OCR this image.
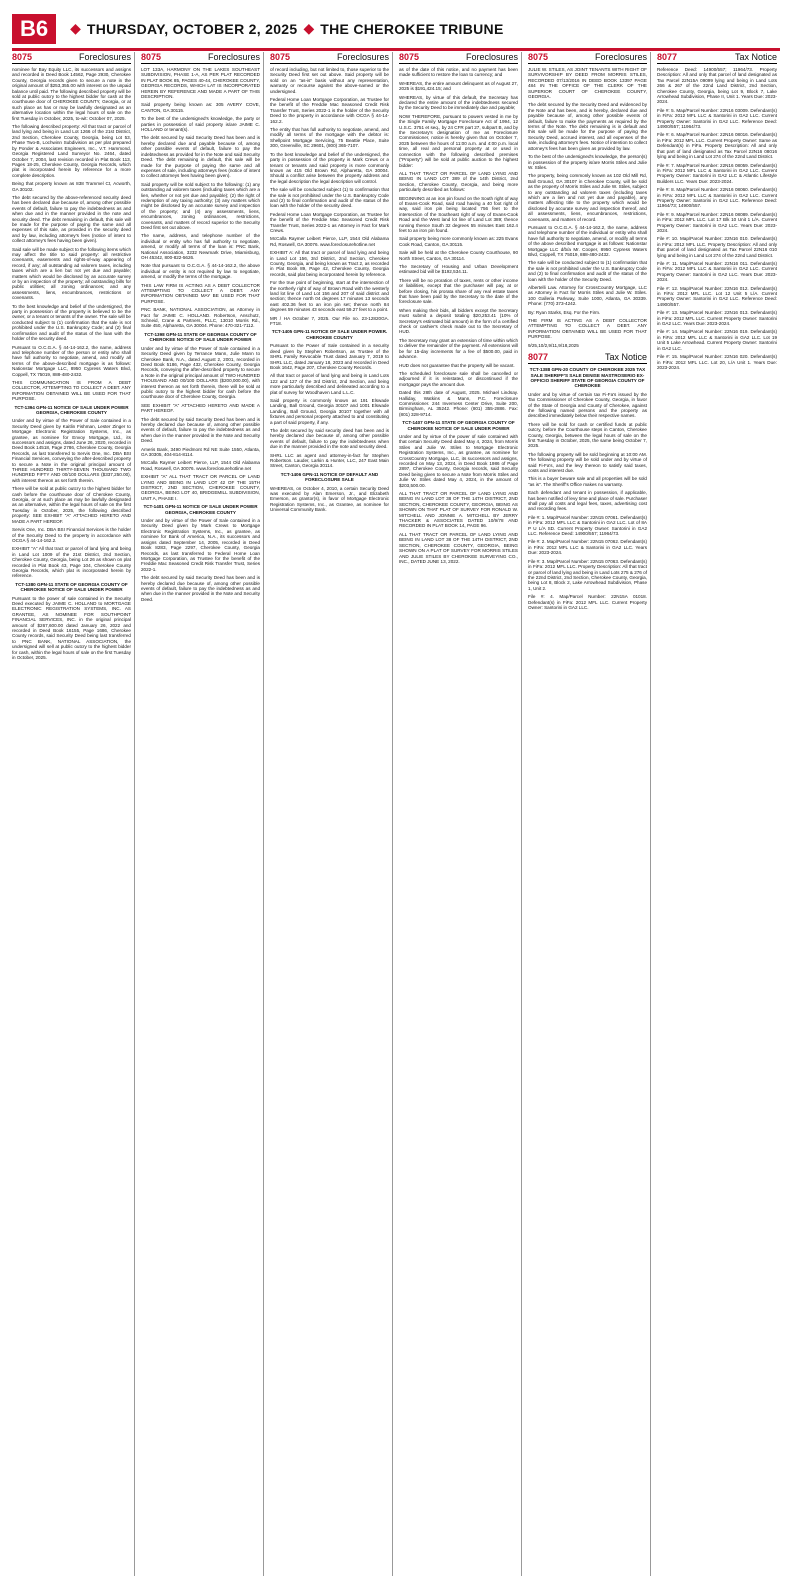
B6	◆ THURSDAY, OCTOBER 2, 2025 ◆ THE CHEROKEE TRIBUNE
8075	Foreclosures

nominee for Bay Equity LLC, its successors and assigns and recorded in Deed Book 14562, Page 2930, Cherokee County, Georgia records given to secure a note in the original amount of $253,355.00 with interest on the unpaid balance until paid. The following described property will be sold at public outcry to the highest bidder for cash at the courthouse door of CHEROKEE COUNTY, Georgia, or at such place as has or may be lawfully designated as an alternative location within the legal hours of sale on the first Tuesday in October, 2025, to-wit: October 07, 2025.

The following described property: All that tract or parcel of land lying and being in Land Lot 1266 of the 21st District, 2nd Section, Cherokee County, Georgia, being Lot 53, Phase Two-B, Lochwinn Subdivision as per plat prepared by Ponder & Associates Engineers, Inc., V.T. Hammond, Georgia Registered Land Surveyor No. 2464, dated October 7, 2004, last revision recorded in Plat Book 113, Pages 18-25, Cherokee County, Georgia Records, which plat is incorporated herein by reference for a more complete description.

Being that property known as 838 Trammel Ct, Acworth, GA 30102.

The debt secured by the above-referenced security deed has been declared due because of, among other possible events of default, failure to pay the indebtedness as and when due and in the manner provided in the note and security deed. The debt remaining in default, this sale will be made for the purpose of paying the same and all expenses of this sale, as provided in the security deed and by law, including attorney's fees (notice of intent to collect attorney's fees having been given).

Said sale will be made subject to the following items which may affect the title to said property: all restrictive covenants, easements and rights-of-way appearing of record, if any; all outstanding ad valorem taxes, including taxes which are a lien but not yet due and payable; matters which would be disclosed by an accurate survey or by an inspection of the property; all outstanding bills for public utilities; all zoning ordinances; and any assessments, liens, encumbrances, restrictions or covenants.

To the best knowledge and belief of the undersigned, the party in possession of the property is believed to be the owner, or a tenant or tenants of the owner. The sale will be conducted subject to (1) confirmation that the sale is not prohibited under the U.S. Bankruptcy Code; and (2) final confirmation and audit of the status of the loan with the holder of the security deed.

Pursuant to O.C.G.A. § 44-14-162.2, the name, address and telephone number of the person or entity who shall have full authority to negotiate, amend, and modify all terms of the above-described mortgage is as follows: Nationstar Mortgage LLC, 8950 Cypress Waters Blvd, Coppell, TX 75019, 888-480-2432.

THIS COMMUNICATION IS FROM A DEBT COLLECTOR, ATTEMPTING TO COLLECT A DEBT. ANY INFORMATION OBTAINED WILL BE USED FOR THAT PURPOSE.

TCT-1394 GPN-11 NOTICE OF SALE UNDER POWER GEORGIA, CHEROKEE COUNTY

Under and by virtue of the Power of Sale contained in a Security Deed given by Kaitlin Fishman, Lester Zinger to Mortgage Electronic Registration Systems, Inc., as grantee, as nominee for Envoy Mortgage, Ltd., its successors and assigns, dated June 26, 2020, recorded in Deed Book 14518, Page 2786, Cherokee County, Georgia Records, as last transferred to Servis One, Inc. DBA BSI Financial Services, conveying the after-described property to secure a Note in the original principal amount of THREE HUNDRED THIRTY-SEVEN THOUSAND TWO HUNDRED FIFTY AND 00/100 DOLLARS ($337,250.00), with interest thereon as set forth therein.

There will be sold at public outcry to the highest bidder for cash before the courthouse door of Cherokee County, Georgia, or at such place as may be lawfully designated as an alternative, within the legal hours of sale on the first Tuesday in October, 2025, the following described property: SEE EXHIBIT "A" ATTACHED HERETO AND MADE A PART HEREOF.

Servis One, Inc. DBA BSI Financial Services is the holder of the Security Deed to the property in accordance with OCGA § 44-14-162.2.

EXHIBIT "A" All that tract or parcel of land lying and being in Land Lot 1009 of the 21st District, 2nd Section, Cherokee County, Georgia, being Lot 26 as shown on plat recorded in Plat Book 43, Page 104, Cherokee County Georgia Records, which plat is incorporated herein by reference.

TCT-1380 GPN-11 STATE OF GEORGIA COUNTY OF CHEROKEE NOTICE OF SALE UNDER POWER

Pursuant to the power of sale contained in the Security Deed executed by JAIME C. HOLLAND to MORTGAGE ELECTRONIC REGISTRATION SYSTEMS, INC. AS GRANTEE, AS NOMINEE FOR SOUTHPOINT FINANCIAL SERVICES, INC. in the original principal amount of $267,600.00 dated January 26, 2022 and recorded in Deed Book 16155, Page 1686, Cherokee County records, said Security Deed being last transferred to PNC BANK, NATIONAL ASSOCIATION, the undersigned will sell at public outcry to the highest bidder for cash, within the legal hours of sale on the first Tuesday in October, 2025.

8075	Foreclosures

LOT 133A, HARMONY ON THE LAKES SOUTHEAST SUBDIVISION, PHASE 1-A, AS PER PLAT RECORDED IN PLAT BOOK 85, PAGES 40-44, CHEROKEE COUNTY, GEORGIA RECORDS, WHICH LAT IS INCORPORATED HEREIN BY REFERENCE AND MADE A PART OF THIS DESCRIPTION.

Said property being known as: 305 AVERY COVE, CANTON, GA 30115.

To the best of the undersigned's knowledge, the party or parties in possession of said property is/are JAIME C. HOLLAND or tenant(s).

The debt secured by said Security Deed has been and is hereby declared due and payable because of, among other possible events of default, failure to pay the indebtedness as provided for in the Note and said Security Deed. The debt remaining in default, this sale will be made for the purpose of paying the same and all expenses of sale, including attorneys fees (notice of intent to collect attorneys fees having been given).

Said property will be sold subject to the following: (1) any outstanding ad valorem taxes (including taxes which are a lien, whether or not yet due and payable); (2) the right of redemption of any taxing authority; (3) any matters which might be disclosed by an accurate survey and inspection of the property; and (4) any assessments, liens, encumbrances, zoning ordinances, restrictions, covenants, and matters of record superior to the Security Deed first set out above.

The name, address, and telephone number of the individual or entity who has full authority to negotiate, amend, or modify all terms of the loan is: PNC Bank, National Association, 3232 Newmark Drive, Miamisburg, OH 45342, 800-822-5626.

Note that pursuant to O.C.G.A. § 44-14-162.2, the above individual or entity is not required by law to negotiate, amend, or modify the terms of the mortgage.

THIS LAW FIRM IS ACTING AS A DEBT COLLECTOR ATTEMPTING TO COLLECT A DEBT. ANY INFORMATION OBTAINED MAY BE USED FOR THAT PURPOSE.

PNC BANK, NATIONAL ASSOCIATION, as Attorney in Fact for JAIME C. HOLLAND. Robertson, Anschutz, Schneid, Crane & Partners, PLLC, 13010 Morris Rd., Suite 450, Alpharetta, GA 30004. Phone: 470-321-7112.

TCT-1398 GPN-11 STATE OF GEORGIA COUNTY OF CHEROKEE NOTICE OF SALE UNDER POWER

Under and by virtue of the Power of Sale contained in a Security Deed given by Terrance Mann, Julie Mann to Cherokee Bank, N.A., dated August 2, 2001, recorded in Deed Book 5186, Page 432, Cherokee County, Georgia Records, conveying the after-described property to secure a Note in the original principal amount of TWO HUNDRED THOUSAND AND 00/100 DOLLARS ($200,000.00), with interest thereon as set forth therein, there will be sold at public outcry to the highest bidder for cash before the courthouse door of Cherokee County, Georgia.

SEE EXHIBIT "A" ATTACHED HERETO AND MADE A PART HEREOF.

The debt secured by said Security Deed has been and is hereby declared due because of, among other possible events of default, failure to pay the indebtedness as and when due in the manner provided in the Note and Security Deed.

Ameris Bank, 3490 Piedmont Rd NE Suite 1550, Atlanta, GA 30305, 404-814-8114.

McCalla Raymer Leibert Pierce, LLP, 1544 Old Alabama Road, Roswell, GA 30076. www.foreclosurehotline.net

EXHIBIT "A" ALL THAT TRACT OR PARCEL OF LAND LYING AND BEING IN LAND LOT 42 OF THE 15TH DISTRICT, 2ND SECTION, CHEROKEE COUNTY, GEORGIA, BEING LOT 40, BRIDGEMILL SUBDIVISION, UNIT A, PHASE I.

TCT-1401 GPN-11 NOTICE OF SALE UNDER POWER GEORGIA, CHEROKEE COUNTY

Under and by virtue of the Power of Sale contained in a Security Deed given by Mark Crews to Mortgage Electronic Registration Systems, Inc., as grantee, as nominee for Bank of America, N.A., its successors and assigns dated September 14, 2005, recorded in Deed Book 8283, Page 2297, Cherokee County, Georgia Records, as last transferred to Federal Home Loan Mortgage Corporation, as Trustee for the benefit of the Freddie Mac Seasoned Credit Risk Transfer Trust, Series 2022-1.

The debt secured by said Security Deed has been and is hereby declared due because of, among other possible events of default, failure to pay the indebtedness as and when due in the manner provided in the Note and Security Deed.

8075	Foreclosures

of record including, but not limited to, those superior to the Security Deed first set out above. Said property will be sold on an "as-is" basis without any representation, warranty or recourse against the above-named or the undersigned.

Federal Home Loan Mortgage Corporation, as Trustee for the benefit of the Freddie Mac Seasoned Credit Risk Transfer Trust, Series 2022-1 is the holder of the Security Deed to the property in accordance with OCGA § 44-14-162.2.

The entity that has full authority to negotiate, amend, and modify all terms of the mortgage with the debtor is: Shellpoint Mortgage Servicing, 75 Beattie Place, Suite 300, Greenville, SC 29601, (800) 365-7107.

To the best knowledge and belief of the undersigned, the party in possession of the property is Mark Crews or a tenant or tenants and said property is more commonly known as 415 Old Brown Rd, Alpharetta, GA 30004. Should a conflict arise between the property address and the legal description the legal description will control.

The sale will be conducted subject (1) to confirmation that the sale is not prohibited under the U.S. Bankruptcy Code and (2) to final confirmation and audit of the status of the loan with the holder of the security deed.

Federal Home Loan Mortgage Corporation, as Trustee for the benefit of the Freddie Mac Seasoned Credit Risk Transfer Trust, Series 2022-1 as Attorney in Fact for Mark Crews.

McCalla Raymer Leibert Pierce, LLP, 1544 Old Alabama Rd, Roswell, GA 30076. www.foreclosurehotline.net

EXHIBIT A: All that tract or parcel of land lying and being in Land Lot 156, 3rd District, 2nd Section, Cherokee County, Georgia, and being known as Tract 2, as recorded in Plat Book 89, Page 42, Cherokee County, Georgia records, said plat being incorporated herein by reference.

For the true point of beginning, start at the intersection of the northerly right of way of Brown Road with the westerly land lot line of Land Lot 156 and 207 of said district and section; thence north 04 degrees 17 minutes 13 seconds east 402.36 feet to an iron pin set; thence north 84 degrees 59 minutes 43 seconds east 59.27 feet to a point.

MR / HA October 7, 2025. Our File no. 23-12820GA. FT18.

TCT-1405 GPN-11 NOTICE OF SALE UNDER POWER. CHEROKEE COUNTY

Pursuant to the Power of Sale contained in a security deed given by Stephen Robertson, as Trustee of the SHRL Family Revocable Trust dated January 7, 2019 to SHRL LLC, dated January 18, 2023 and recorded in Deed Book 1642, Page 207, Cherokee County Records.

All that tract or parcel of land lying and being in Land Lots 122 and 127 of the 3rd District, 2nd Section, and being more particularly described and delineated according to a plat of survey for Woodhaven Land L.L.C.

Said property is commonly known as 191 Elswade Landing, Ball Ground, Georgia 30107 and 1001 Elswade Landing, Ball Ground, Georgia 30107 together with all fixtures and personal property attached to and constituting a part of said property, if any.

The debt secured by said security deed has been and is hereby declared due because of, among other possible events of default, failure to pay the indebtedness when due in the manner provided in the note and security deed.

SHRL LLC as agent and attorney-in-fact for Stephen Robertson. Lauder, Larkin & Hunter, LLC, 247 East Main Street, Canton, Georgia 30114.

TCT-1406 GPN-11 NOTICE OF DEFAULT AND FORECLOSURE SALE

WHEREAS, on October 4, 2010, a certain Security Deed was executed by Alan Emerson, Jr., and Elizabeth Emerson, as grantor(s), in favor of Mortgage Electronic Registration Systems, Inc., as Grantee, as nominee for Universal Community Bank.

8075	Foreclosures

as of the date of this notice, and no payment has been made sufficient to restore the loan to currency; and

WHEREAS, the entire amount delinquent as of August 27, 2025 is $191,424.15; and

WHEREAS, by virtue of this default, the Secretary has declared the entire amount of the indebtedness secured by the Security Deed to be immediately due and payable;

NOW THEREFORE, pursuant to powers vested in me by the Single Family Mortgage Foreclosure Act of 1994, 12 U.S.C. 3751 et seq., by 24 CFR part 27, subpart B, and by the Secretary's designation of me as Foreclosure Commissioner, notice is hereby given that on October 7, 2025 between the hours of 11:00 a.m. and 4:00 p.m. local time, all real and personal property at or used in connection with the following described premises ("Property") will be sold at public auction to the highest bidder:

ALL THAT TRACT OR PARCEL OF LAND LYING AND BEING IN LAND LOT 389 of the 14th District, 2nd Section, Cherokee County, Georgia, and being more particularly described as follows:

BEGINNING at an iron pin found on the South right of way of Evans-Cook Road, said road having a 40 foot right of way, said iron pin being located 756 feet to the intersection of the Southeast right of way of Evans-Cook Road and the West land lot line of Land Lot 389; thence running thence South 32 degrees 55 minutes East 162.4 feet to an iron pin found.

Said property being more commonly known as: 225 Evans Cook Road, Canton, GA 30115.

Sale will be held at the Cherokee County Courthouse, 90 North Street, Canton, GA 30114.

The Secretary of Housing and Urban Development estimated bid will be $192,534.11.

There will be no proration of taxes, rents or other income or liabilities, except that the purchaser will pay, at or before closing, his prorata share of any real estate taxes that have been paid by the Secretary to the date of the foreclosure sale.

When making their bids, all bidders except the Secretary must submit a deposit totaling $20,253.41 (10% of Secretary's estimated bid amount) in the form of a certified check or cashier's check made out to the Secretary of HUD.

The Secretary may grant an extension of time within which to deliver the remainder of the payment. All extensions will be for 15-day increments for a fee of $500.00, paid in advance.

HUD does not guarantee that the property will be vacant.

The scheduled foreclosure sale shall be cancelled or adjourned if it is reinstated, or discontinued if the mortgagor pays the amount due.

Dated this 28th date of August, 2025. Michael Lindsay. Halliday, Watkins & Mann, P.C. Foreclosure Commissioner. 244 Inverness Center Drive, Suite 200, Birmingham, AL 35242. Phone: (801) 355-2886. Fax: (801) 328-9714.

TCT-1407 GPN-11 STATE OF GEORGIA COUNTY OF CHEROKEE NOTICE OF SALE UNDER POWER

Under and by virtue of the power of sale contained with that certain Security Deed dated May 4, 2024, from Morris Stiles and Julie W. Stiles to Mortgage Electronic Registration Systems, Inc., as grantee, as nominee for CrossCountry Mortgage, LLC, its successors and assigns, recorded on May 13, 2024, in Deed Book 1986 of Page 2897, Cherokee County, Georgia records, said Security Deed being given to secure a Note from Morris Stiles and Julie W. Stiles dated May 4, 2024, in the amount of $203,500.00.

ALL THAT TRACT OR PARCEL OF LAND LYING AND BEING IN LAND LOT 38 OF THE 14TH DISTRICT, 2ND SECTION, CHEROKEE COUNTY, GEORGIA, BEING AS SHOWN ON THAT PLAT OF SURVEY FOR RONALD W. MITCHELL AND JONNIE A. MITCHELL BY JERRY THACKER & ASSOCIATES DATED 10/9/78 AND RECORDED IN PLAT BOOK 14, PAGE 96.

ALL THAT TRACT OR PARCEL OF LAND LYING AND BEING IN LAND LOT 38 OF THE 14TH DISTRICT, 2ND SECTION, CHEROKEE COUNTY, GEORGIA, BEING SHOWN ON A PLAT OF SURVEY FOR MORRIS STILES AND JULIE STILES BY CHEROKEE SURVEYING CO., INC., DATED JUNE 13, 2022.

8075	Foreclosures

JULIE W. STILES, AS JOINT TENANTS WITH RIGHT OF SURVIVORSHIP BY DEED FROM MORRIS STILES, RECORDED 07/13/2016 IN DEED BOOK 13397 PAGE 484 IN THE OFFICE OF THE CLERK OF THE SUPERIOR COURT OF CHEROKEE COUNTY, GEORGIA.

The debt secured by the Security Deed and evidenced by the Note and has been, and is hereby, declared due and payable because of, among other possible events of default, failure to make the payments as required by the terms of the Note. The debt remaining is in default and this sale will be made for the purpose of paying the Security Deed, accrued interest, and all expenses of the sale, including attorney's fees. Notice of intention to collect attorney's fees has been given as provided by law.

To the best of the undersigned's knowledge, the person(s) in possession of the property is/are Morris Stiles and Julie W. Stiles.

The property, being commonly known as 102 Old Mill Rd, Ball Ground, GA 30107 in Cherokee County, will be sold as the property of Morris Stiles and Julie W. Stiles, subject to any outstanding ad valorem taxes (including taxes which are a lien and not yet due and payable), any matters affecting title to the property which would be disclosed by accurate survey and inspection thereof, and all assessments, liens, encumbrances, restrictions, covenants, and matters of record.

Pursuant to O.C.G.A. § 44-14-162.2, the name, address and telephone number of the individual or entity who shall have full authority to negotiate, amend, or modify all terms of the above described mortgage is as follows: Nationstar Mortgage LLC d/b/a Mr. Cooper, 8950 Cypress Waters Blvd, Coppell, TX 75019, 888-480-2432.

The sale will be conducted subject to (1) confirmation that the sale is not prohibited under the U.S. Bankruptcy Code and (2) to final confirmation and audit of the status of the loan with the holder of the Security Deed.

Albertelli Law. Attorney for CrossCountry Mortgage, LLC as Attorney in Fact for Morris Stiles and Julie W. Stiles. 100 Galleria Parkway, Suite 1000, Atlanta, GA 30339. Phone: (770) 373-4242.

By: Ryan Starks, Esq. For the Firm.

THE FIRM IS ACTING AS A DEBT COLLECTOR ATTEMPTING TO COLLECT A DEBT. ANY INFORMATION OBTAINED WILL BE USED FOR THAT PURPOSE.

9/25,10/2,9/11,9/18,2025

8077	Tax Notice

TCT-1388 GPN-20 COUNTY OF CHEROKEE 2025 TAX SALE SHERIFF'S SALE DENISE MASTROSERIO EX-OFFICIO SHERIFF STATE OF GEORGIA COUNTY OF CHEROKEE

Under and by virtue of certain tax Fi-Fa's issued by the Tax Commissioner of Cherokee County, Georgia, in favor of the State of Georgia and County of Cherokee, against the following named persons and the property as described immediately below their respective names.

There will be sold for cash or certified funds at public outcry, before the Courthouse steps in Canton, Cherokee County, Georgia, between the legal hours of sale on the first Tuesday in October, 2025, the same being October 7, 2025.

The following property will be sold beginning at 10:00 AM. The following property will be sold under and by virtue of said Fi-Fa's, and the levy thereon to satisfy said taxes, costs and interest due.

This is a buyer beware sale and all properties will be sold "as is". The Sheriff's Office makes no warranty.

Each defendant and tenant in possession, if applicable, has been notified of levy time and place of sale. Purchaser shall pay all costs and legal fees, taxes, advertising cost and recording fees.

File #: 1. Map/Parcel Number: 22N15 07061. Defendant(s) in FiFa: 2012 MFL LLC & Santorini in GA2 LLC. Lot of 8A P U L/A SD. Current Property Owner: Santorini in GA2 LLC. Reference Deed: 14900/557; 11964/73.

File #: 2. Map/Parcel Number: 22N15 07062. Defendant(s) in FiFa: 2012 MFL LLC & Santorini in GA2 LLC. Years Due: 2023-2024.

File #: 3. Map/Parcel Number: 22N15 07063. Defendant(s) in FiFa: 2012 MFL LLC. Property Description: All that tract or parcel of land lying and being in Land Lots 275 & 276 of the 22nd District, 2nd Section, Cherokee County, Georgia, being Lot 8, Block 2, Lake Arrowhead Subdivision, Phase 1, Unit 2.

File #: 4. Map/Parcel Number: 22N15A 01018. Defendant(s) in FiFa: 2012 MFL LLC. Current Property Owner: Santorini in GA2 LLC.

8077	Tax Notice

Reference Deed: 14900/557; 11964/73. Property Description: All and only that parcel of land designated as Tax Parcel 22N15A 09099 lying and being in Land Lots 266 & 267 of the 22nd Land District, 2nd Section, Cherokee County, Georgia, being Lot 9, Block 7, Lake Arrowhead Subdivision, Phase II, Unit 1. Years Due: 2023-2024.

File #: 5. Map/Parcel Number: 22N16 03009. Defendant(s) in FiFa: 2012 MFL LLC & Santorini in GA2 LLC. Current Property Owner: Santorini in GA2 LLC. Reference Deed: 14900/557; 11964/73.

File #: 6. Map/Parcel Number: 22N16 08016. Defendant(s) in FiFa: 2012 MFL LLC. Current Property Owner: Same as Defendant(s) in FiFa. Property Description: All and only that part of land designated as Tax Parcel 22N16 08016 lying and being in Land Lot 274 of the 22nd Land District.

File #: 7. Map/Parcel Number: 22N16 08059. Defendant(s) in FiFa: 2012 MFL LLC & Santorini in GA2 LLC. Current Property Owner: Santorini in GA2 LLC & Atlantic Lifestyle Builders LLC. Years Due: 2023-2024.

File #: 8. Map/Parcel Number: 22N16 08060. Defendant(s) in FiFa: 2012 MFL LLC & Santorini in GA2 LLC. Current Property Owner: Santorini in GA2 LLC. Reference Deed: 11964/73; 14900/557.

File #: 9. Map/Parcel Number: 22N16 08089. Defendant(s) in FiFa: 2012 MFL LLC. Lot 17 Blk 10 Unit 1 L/A. Current Property Owner: Santorini in GA2 LLC. Years Due: 2023-2024.

File #: 10. Map/Parcel Number: 22N16 010. Defendant(s) in FiFa: 2012 MFL LLC. Property Description: All and only that parcel of land designated as Tax Parcel 22N16 010 lying and being in Land Lot 274 of the 22nd Land District.

File #: 11. Map/Parcel Number: 22N16 011. Defendant(s) in FiFa: 2012 MFL LLC & Santorini in GA2 LLC. Current Property Owner: Santorini in GA2 LLC. Years Due: 2023-2024.

File #: 12. Map/Parcel Number: 22N16 012. Defendant(s) in FiFa: 2012 MFL LLC. Lot 12 Unit 5 L/A. Current Property Owner: Santorini in GA2 LLC. Reference Deed: 14900/557.

File #: 13. Map/Parcel Number: 22N16 013. Defendant(s) in FiFa: 2012 MFL LLC. Current Property Owner: Santorini in GA2 LLC. Years Due: 2023-2024.

File #: 14. Map/Parcel Number: 22N16 019. Defendant(s) in FiFa: 2012 MFL LLC & Santorini in GA2 LLC. Lot 19 Unit 5 Lake Arrowhead. Current Property Owner: Santorini in GA2 LLC.

File #: 15. Map/Parcel Number: 22N16 020. Defendant(s) in FiFa: 2012 MFL LLC. Lot 20, L/A Unit 1. Years Due: 2023-2024.
